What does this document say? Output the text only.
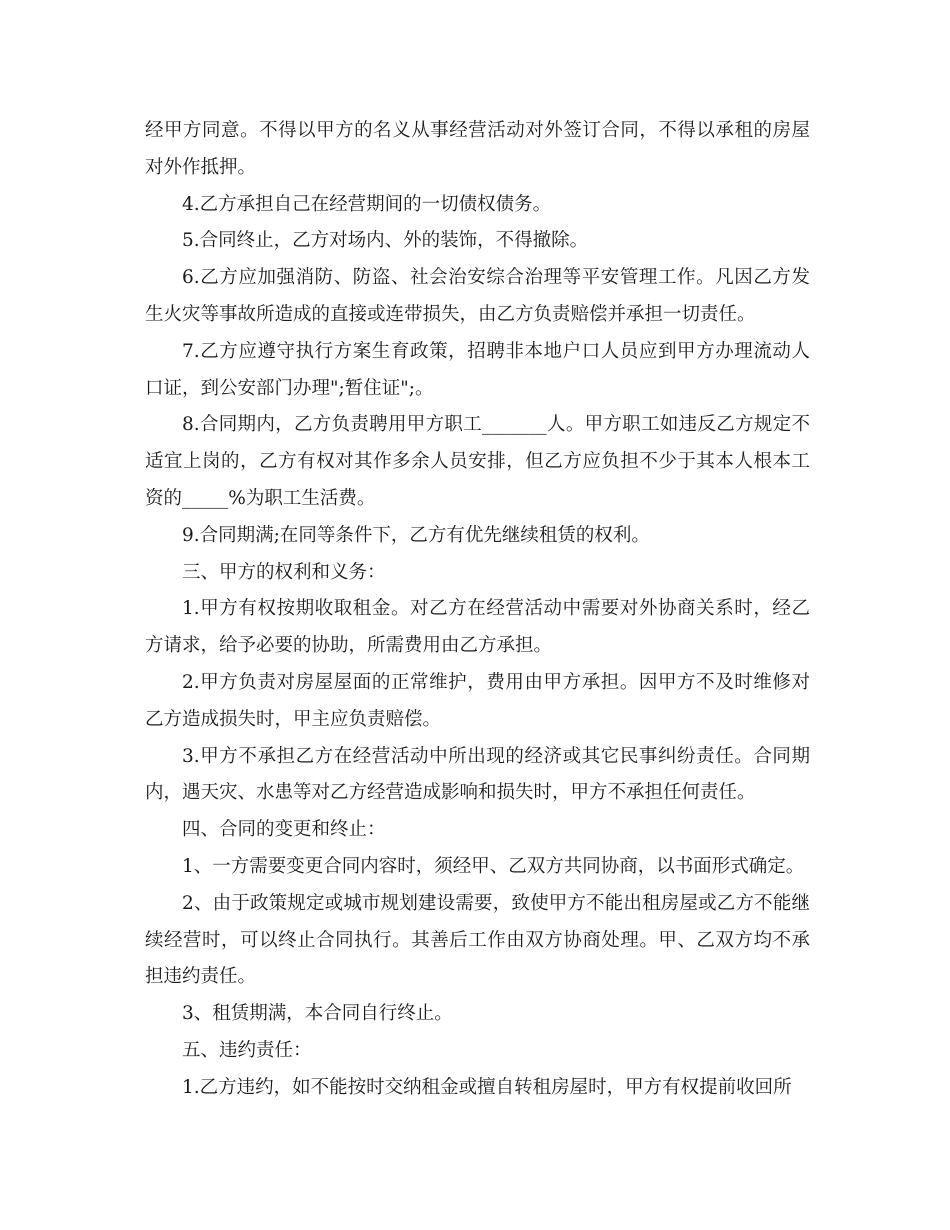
经甲方同意。不得以甲方的名义从事经营活动对外签订合同，不得以承租的房屋对外作抵押。

4.乙方承担自己在经营期间的一切债权债务。

5.合同终止，乙方对场内、外的装饰，不得撤除。

6.乙方应加强消防、防盗、社会治安综合治理等平安管理工作。凡因乙方发生火灾等事故所造成的直接或连带损失，由乙方负责赔偿并承担一切责任。

7.乙方应遵守执行方案生育政策，招聘非本地户口人员应到甲方办理流动人口证，到公安部门办理";暂住证";。

8.合同期内，乙方负责聘用甲方职工_______人。甲方职工如违反乙方规定不适宜上岗的，乙方有权对其作多余人员安排，但乙方应负担不少于其本人根本工资的_____%为职工生活费。

9.合同期满;在同等条件下，乙方有优先继续租赁的权利。

三、甲方的权利和义务：

1.甲方有权按期收取租金。对乙方在经营活动中需要对外协商关系时，经乙方请求，给予必要的协助，所需费用由乙方承担。

2.甲方负责对房屋屋面的正常维护，费用由甲方承担。因甲方不及时维修对乙方造成损失时，甲主应负责赔偿。

3.甲方不承担乙方在经营活动中所出现的经济或其它民事纠纷责任。合同期内，遇天灾、水患等对乙方经营造成影响和损失时，甲方不承担任何责任。

四、合同的变更和终止：

1、一方需要变更合同内容时，须经甲、乙双方共同协商，以书面形式确定。

2、由于政策规定或城市规划建设需要，致使甲方不能出租房屋或乙方不能继续经营时，可以终止合同执行。其善后工作由双方协商处理。甲、乙双方均不承担违约责任。

3、租赁期满，本合同自行终止。

五、违约责任：

1.乙方违约，如不能按时交纳租金或擅自转租房屋时，甲方有权提前收回所
